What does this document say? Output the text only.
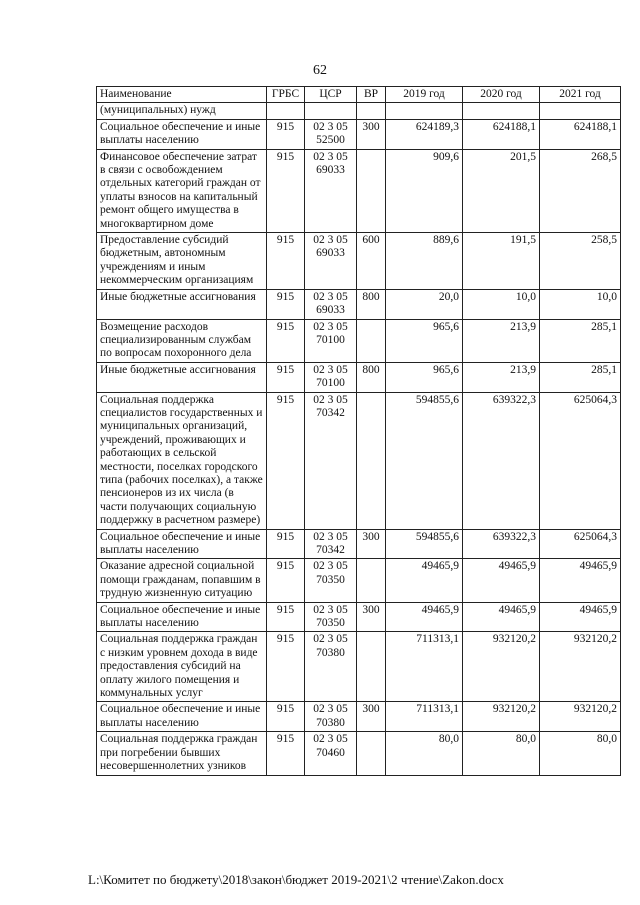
62
Наименование	ГРБС	ЦСР	ВР	2019 год	2020 год	2021 год
(муниципальных) нужд						
Социальное обеспечение и иные выплаты населению	915	02 3 05 52500	300	624189,3	624188,1	624188,1
Финансовое обеспечение затрат в связи с освобождением отдельных категорий граждан от уплаты взносов на капитальный ремонт общего имущества в многоквартирном доме	915	02 3 05 69033		909,6	201,5	268,5
Предоставление субсидий бюджетным, автономным учреждениям и иным некоммерческим организациям	915	02 3 05 69033	600	889,6	191,5	258,5
Иные бюджетные ассигнования	915	02 3 05 69033	800	20,0	10,0	10,0
Возмещение расходов специализированным службам по вопросам похоронного дела	915	02 3 05 70100		965,6	213,9	285,1
Иные бюджетные ассигнования	915	02 3 05 70100	800	965,6	213,9	285,1
Социальная поддержка специалистов государственных и муниципальных организаций, учреждений, проживающих и работающих в сельской местности, поселках городского типа (рабочих поселках), а также пенсионеров из их числа (в части получающих социальную поддержку в расчетном размере)	915	02 3 05 70342		594855,6	639322,3	625064,3
Социальное обеспечение и иные выплаты населению	915	02 3 05 70342	300	594855,6	639322,3	625064,3
Оказание адресной социальной помощи гражданам, попавшим в трудную жизненную ситуацию	915	02 3 05 70350		49465,9	49465,9	49465,9
Социальное обеспечение и иные выплаты населению	915	02 3 05 70350	300	49465,9	49465,9	49465,9
Социальная поддержка граждан с низким уровнем дохода в виде предоставления субсидий на оплату жилого помещения и коммунальных услуг	915	02 3 05 70380		711313,1	932120,2	932120,2
Социальное обеспечение и иные выплаты населению	915	02 3 05 70380	300	711313,1	932120,2	932120,2
Социальная поддержка граждан при погребении бывших несовершеннолетних узников	915	02 3 05 70460		80,0	80,0	80,0
L:\Комитет по бюджету\2018\закон\бюджет 2019-2021\2 чтение\Zakon.docx
